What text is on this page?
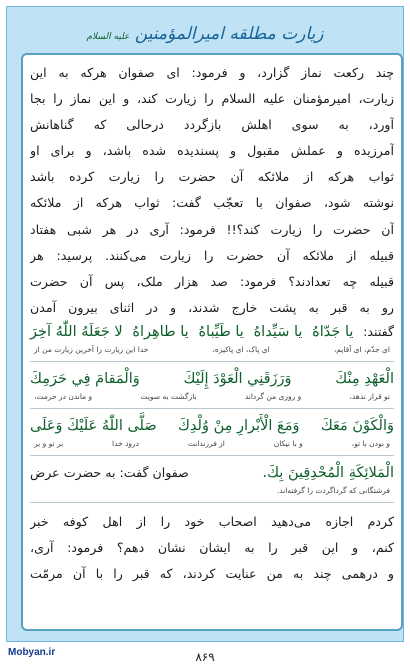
زیارت مطلقه امیرالمؤمنین عليه السلام
چند رکعت نماز گزارد، و فرمود: ای صفوان هرکه به این
زیارت، امیرمؤمنان علیه السلام را زیارت کند، و این نماز را بجا
آورد، به سوی اهلش بازگردد درحالی که گناهانش
آمرزیده و عملش مقبول و پسندیده شده باشد، و برای او
ثواب هرکه از ملائکه آن حضرت را زیارت کرده باشد
نوشته شود، صفوان با تعجّب گفت: ثواب هرکه از ملائکه
آن حضرت را زیارت کند؟!! فرمود: آری در هر شبی هفتاد
قبیله از ملائکه آن حضرت را زیارت می‌کنند. پرسید: هر
قبیله چه تعدادند؟ فرمود: صد هزار ملک، پس آن حضرت
رو به قبر به پشت خارج شدند، و در اثنای بیرون آمدن
گفتند:
يا جَدّاهُ
يا سَيِّداهُ
يا طَيِّباهُ
يا طاهِراهُ
لا جَعَلَهُ اللّٰهُ آخِرَ
ای جدّم، ای آقایم،
ای پاک، ای پاکیزه،
خدا این زیارت را آخرین زیارت من از
الْعَهْدِ مِنْكَ
وَرَزَقَنِي الْعَوْدَ إِلَيْكَ
وَالْمَقامَ فِي حَرَمِكَ
تو قرار ندهد،
و روزی من گرداند
بازگشت به سویت
و ماندن در حرمت،
وَالْكَوْنَ مَعَكَ
وَمَعَ الْأَبْرارِ مِنْ وُلْدِكَ
صَلَّى اللّٰهُ عَلَيْكَ وَعَلَى
و بودن با تو،
و با نیکان
از فرزندانت
درود خدا
بر تو و بر
الْمَلائِكَةِ الْمُحْدِقِينَ بِكَ.
صفوان گفت: به حضرت عرض
فرشتگانی که گرداگردت را گرفته‌اند.
کردم اجازه می‌دهید اصحاب خود را از اهل کوفه خبر
کنم، و این قبر را به ایشان نشان دهم؟ فرمود: آری،
و درهمی چند به من عنایت کردند، که قبر را با آن مرمّت
Mobyan.ir	۸۶۹
